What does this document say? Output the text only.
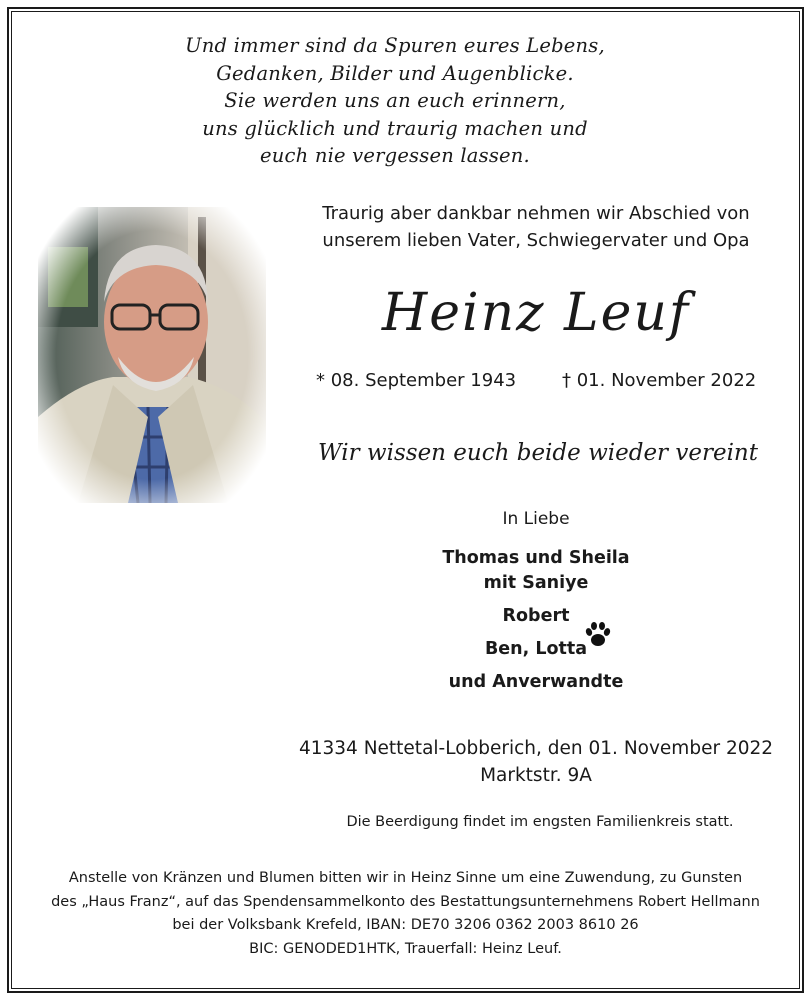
Und immer sind da Spuren eures Lebens,
Gedanken, Bilder und Augenblicke.
Sie werden uns an euch erinnern,
uns glücklich und traurig machen und
euch nie vergessen lassen.
Traurig aber dankbar nehmen wir Abschied von
unserem lieben Vater, Schwiegervater und Opa
Heinz Leuf
* 08. September 1943	† 01. November 2022
Wir wissen euch beide wieder vereint
In Liebe
Thomas und Sheila
mit Saniye
Robert
Ben, Lotta
und Anverwandte
41334 Nettetal-Lobberich, den 01. November 2022
Marktstr. 9A
Die Beerdigung findet im engsten Familienkreis statt.
Anstelle von Kränzen und Blumen bitten wir in Heinz Sinne um eine Zuwendung, zu Gunsten
des „Haus Franz“, auf das Spendensammelkonto des Bestattungsunternehmens Robert Hellmann
bei der Volksbank Krefeld, IBAN: DE70 3206 0362 2003 8610 26
BIC: GENODED1HTK, Trauerfall: Heinz Leuf.
